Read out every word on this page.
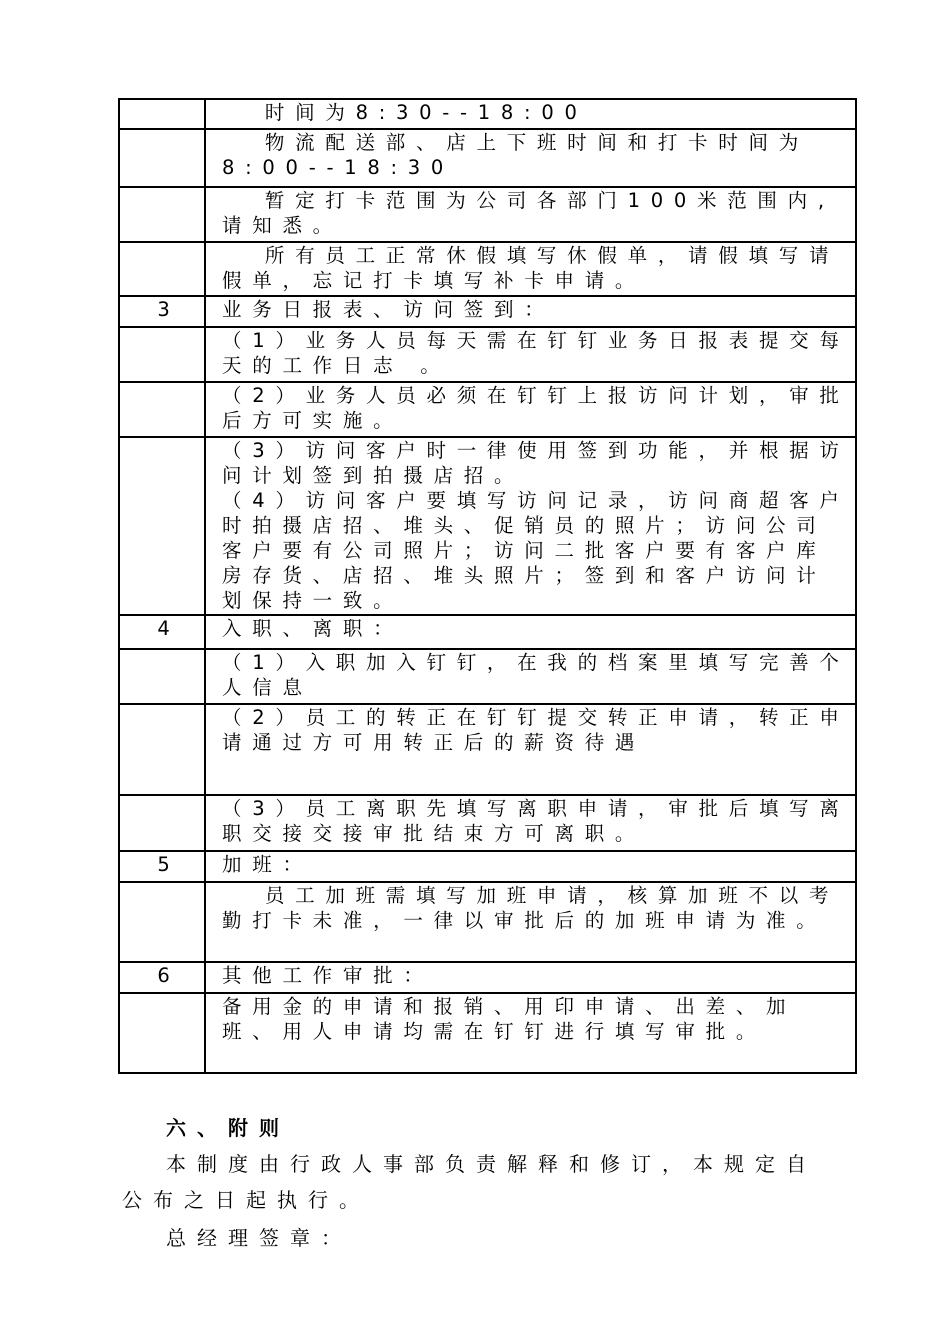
	时间为8:30--18:00

	物流配送部、店上下班时间和打卡时间为8:00--18:30

	暂定打卡范围为公司各部门100米范围内,请知悉。

	所有员工正常休假填写休假单，请假填写请假单，忘记打卡填写补卡申请。

3	业务日报表、访问签到：

	（1）业务人员每天需在钉钉业务日报表提交每天的工作日志 。

	（2）业务人员必须在钉钉上报访问计划，审批后方可实施。

	（3）访问客户时一律使用签到功能，并根据访问计划签到拍摄店招。

（4）访问客户要填写访问记录，访问商超客户时拍摄店招、堆头、促销员的照片；访问公司客户要有公司照片；访问二批客户要有客户库房存货、店招、堆头照片；签到和客户访问计划保持一致。

4	入职、离职：

	（1）入职加入钉钉，在我的档案里填写完善个人信息

	（2）员工的转正在钉钉提交转正申请，转正申请通过方可用转正后的薪资待遇

	（3）员工离职先填写离职申请，审批后填写离职交接交接审批结束方可离职。

5	加班：

	员工加班需填写加班申请，核算加班不以考勤打卡未准，一律以审批后的加班申请为准。

6	其他工作审批：

	备用金的申请和报销、用印申请、出差、加班、用人申请均需在钉钉进行填写审批。

六、附则

本制度由行政人事部负责解释和修订，本规定自公布之日起执行。

总经理签章：
